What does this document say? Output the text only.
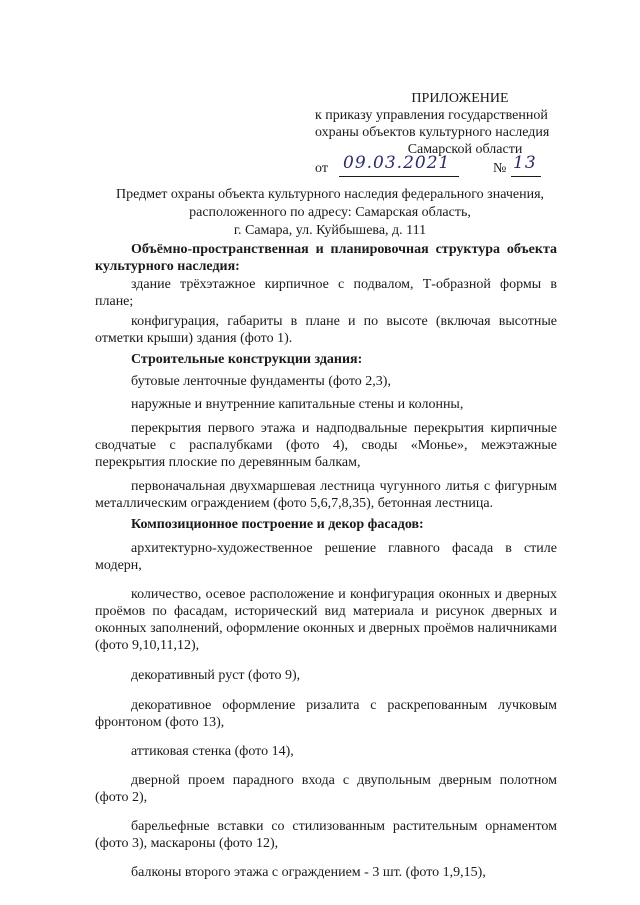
ПРИЛОЖЕНИЕ
к приказу управления государственной
охраны объектов культурного наследия
Самарской области
от 09.03.2021	№ 13
Предмет охраны объекта культурного наследия федерального значения,
расположенного по адресу: Самарская область,
г. Самара, ул. Куйбышева, д. 111

Объёмно-пространственная и планировочная структура объекта культурного наследия:

здание трёхэтажное кирпичное с подвалом, Т-образной формы в плане;

конфигурация, габариты в плане и по высоте (включая высотные отметки крыши) здания (фото 1).

Строительные конструкции здания:

бутовые ленточные фундаменты (фото 2,3),

наружные и внутренние капитальные стены и колонны,

перекрытия первого этажа и надподвальные перекрытия кирпичные сводчатые с распалубками (фото 4), своды «Монье», межэтажные перекрытия плоские по деревянным балкам,

первоначальная двухмаршевая лестница чугунного литья с фигурным металлическим ограждением (фото 5,6,7,8,35), бетонная лестница.

Композиционное построение и декор фасадов:

архитектурно-художественное решение главного фасада в стиле модерн,

количество, осевое расположение и конфигурация оконных и дверных проёмов по фасадам, исторический вид материала и рисунок дверных и оконных заполнений, оформление оконных и дверных проёмов наличниками (фото 9,10,11,12),

декоративный руст (фото 9),

декоративное оформление ризалита с раскрепованным лучковым фронтоном (фото 13),

аттиковая стенка (фото 14),

дверной проем парадного входа с двупольным дверным полотном (фото 2),

барельефные вставки со стилизованным растительным орнаментом (фото 3), маскароны (фото 12),

балконы второго этажа с ограждением - 3 шт. (фото 1,9,15),
